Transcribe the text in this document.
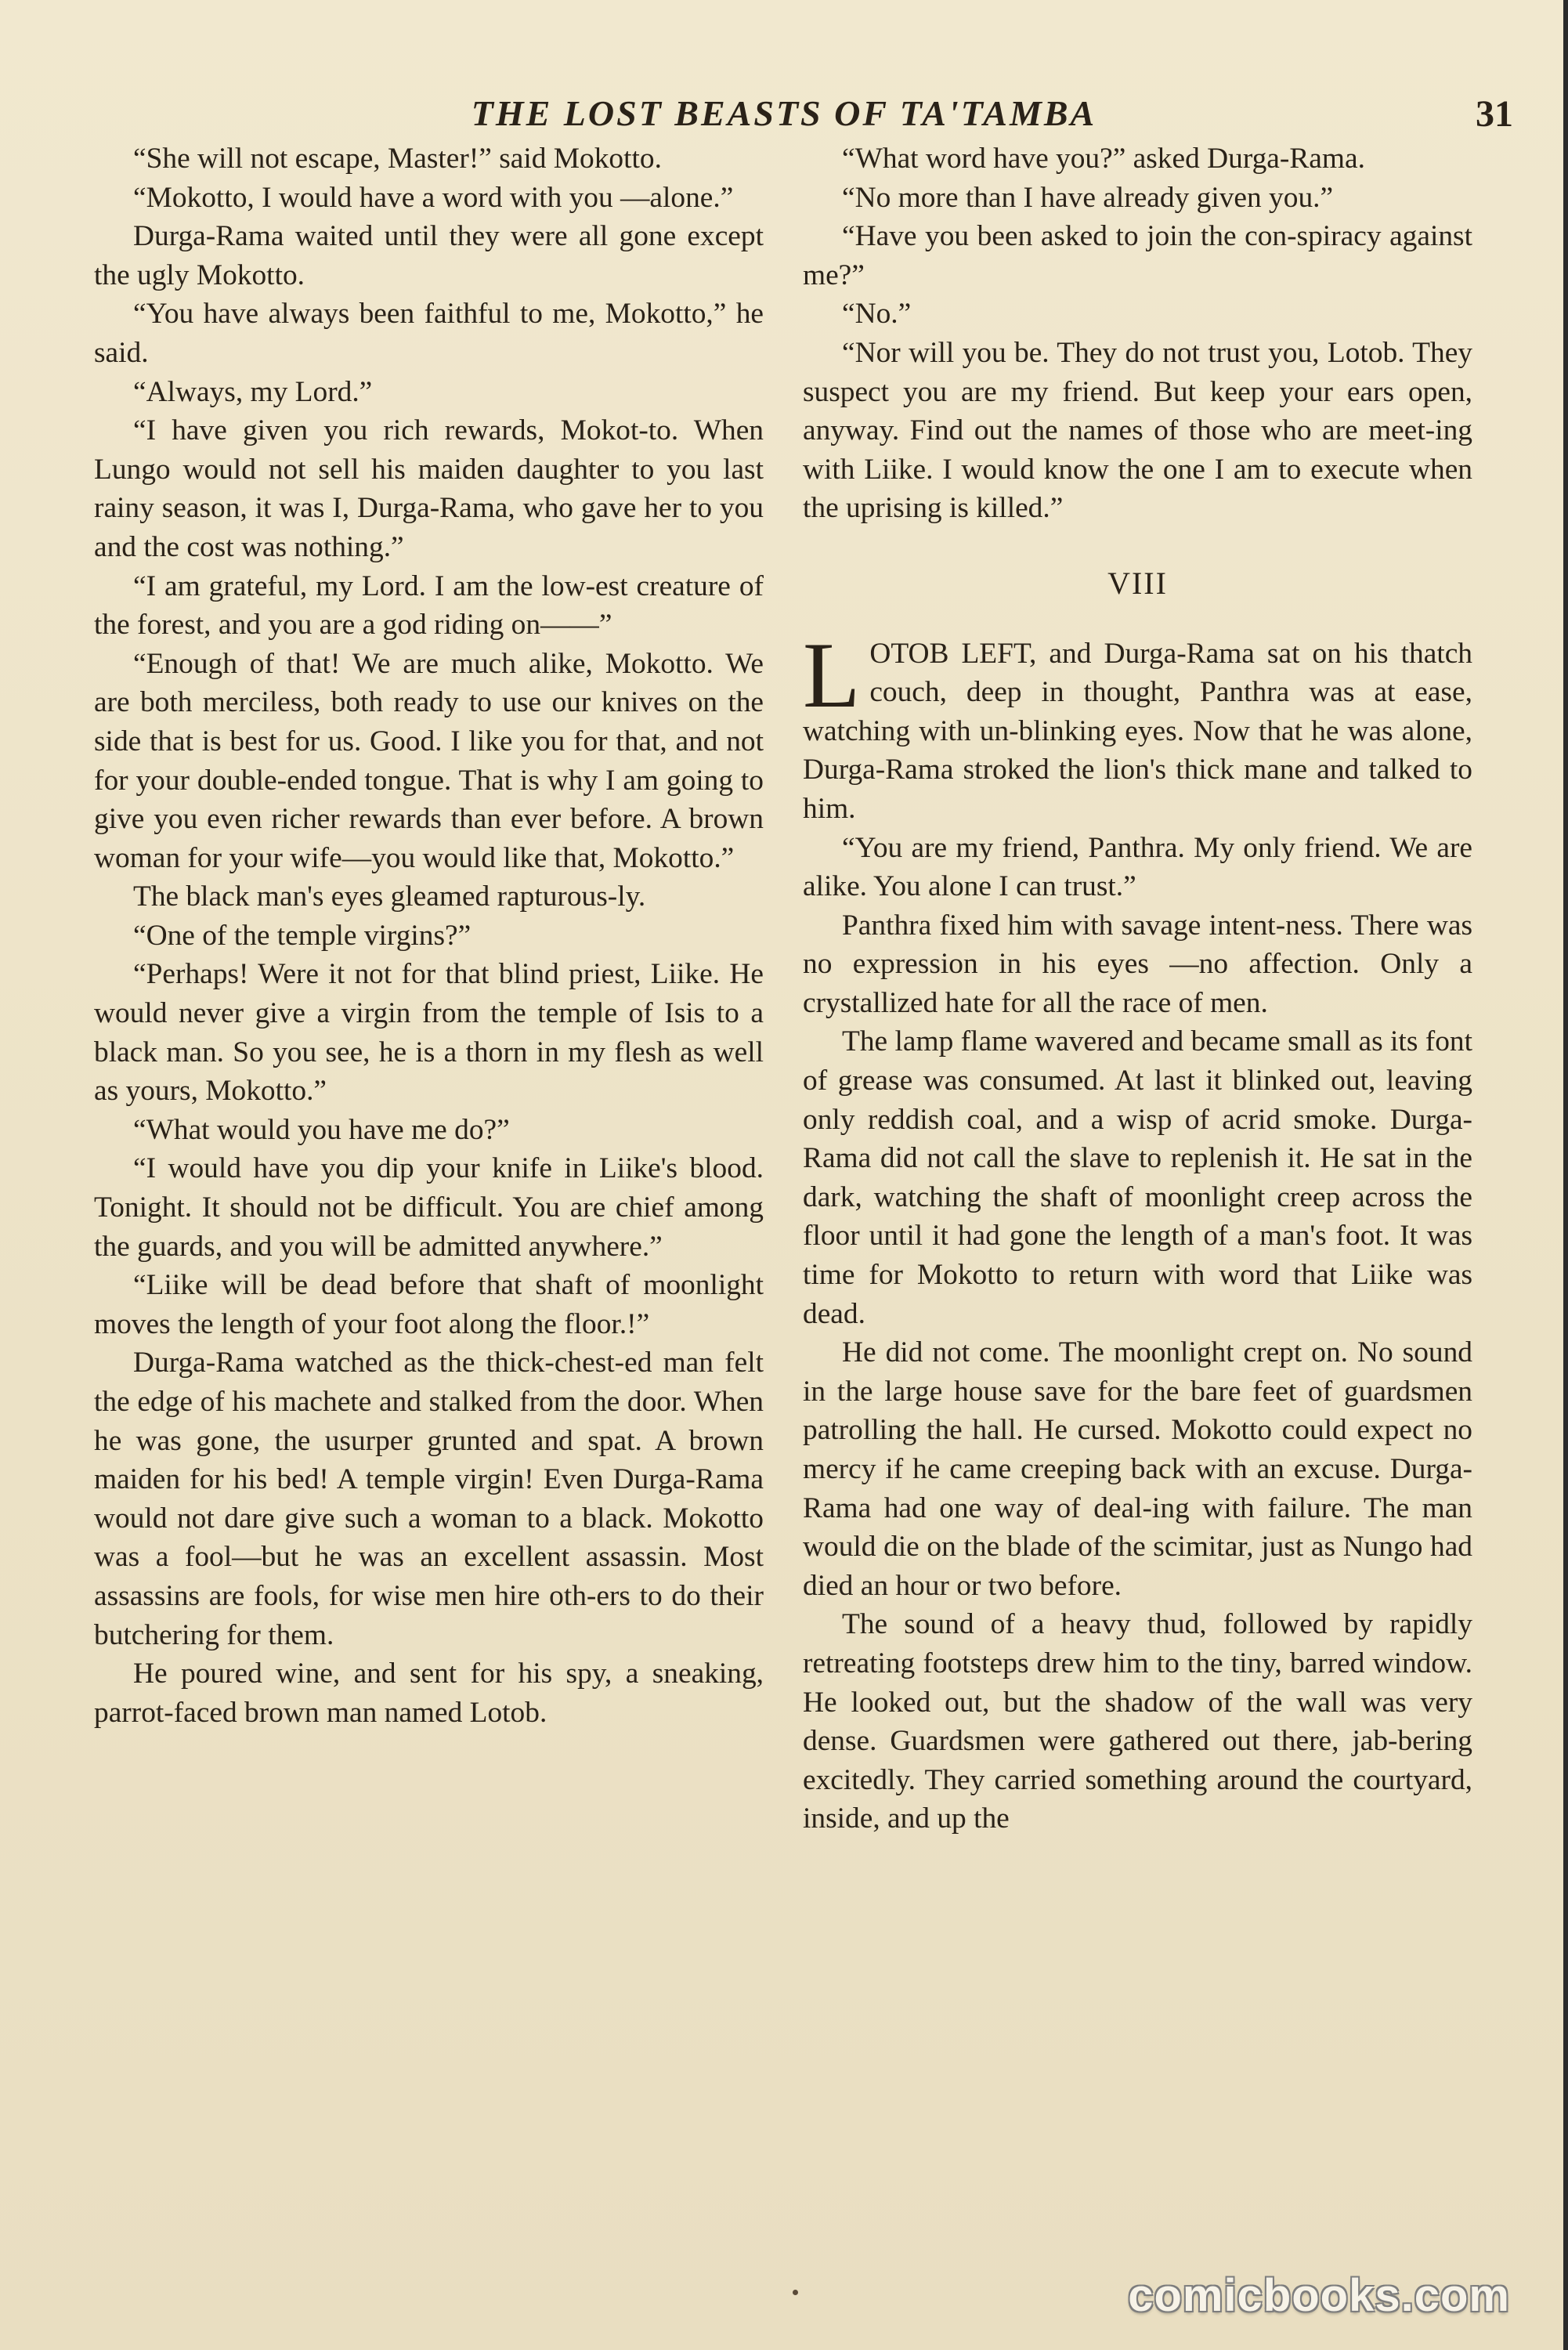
THE LOST BEASTS OF TA'TAMBA	31

“She will not escape, Master!” said Mokotto.

“Mokotto, I would have a word with you —alone.”

Durga-Rama waited until they were all gone except the ugly Mokotto.

“You have always been faithful to me, Mokotto,” he said.

“Always, my Lord.”

“I have given you rich rewards, Mokot-to. When Lungo would not sell his maiden daughter to you last rainy season, it was I, Durga-Rama, who gave her to you and the cost was nothing.”

“I am grateful, my Lord. I am the low-est creature of the forest, and you are a god riding on——”

“Enough of that! We are much alike, Mokotto. We are both merciless, both ready to use our knives on the side that is best for us. Good. I like you for that, and not for your double-ended tongue. That is why I am going to give you even richer rewards than ever before. A brown woman for your wife—you would like that, Mokotto.”

The black man's eyes gleamed rapturous-ly.

“One of the temple virgins?”

“Perhaps! Were it not for that blind priest, Liike. He would never give a virgin from the temple of Isis to a black man. So you see, he is a thorn in my flesh as well as yours, Mokotto.”

“What would you have me do?”

“I would have you dip your knife in Liike's blood. Tonight. It should not be difficult. You are chief among the guards, and you will be admitted anywhere.”

“Liike will be dead before that shaft of moonlight moves the length of your foot along the floor.!”

Durga-Rama watched as the thick-chest-ed man felt the edge of his machete and stalked from the door. When he was gone, the usurper grunted and spat. A brown maiden for his bed! A temple virgin! Even Durga-Rama would not dare give such a woman to a black. Mokotto was a fool—but he was an excellent assassin. Most assassins are fools, for wise men hire oth-ers to do their butchering for them.

He poured wine, and sent for his spy, a sneaking, parrot-faced brown man named Lotob.

“What word have you?” asked Durga-Rama.

“No more than I have already given you.”

“Have you been asked to join the con-spiracy against me?”

“No.”

“Nor will you be. They do not trust you, Lotob. They suspect you are my friend. But keep your ears open, anyway. Find out the names of those who are meet-ing with Liike. I would know the one I am to execute when the uprising is killed.”

VIII

LOTOB LEFT, and Durga-Rama sat on his thatch couch, deep in thought, Panthra was at ease, watching with un-blinking eyes. Now that he was alone, Durga-Rama stroked the lion's thick mane and talked to him.

“You are my friend, Panthra. My only friend. We are alike. You alone I can trust.”

Panthra fixed him with savage intent-ness. There was no expression in his eyes —no affection. Only a crystallized hate for all the race of men.

The lamp flame wavered and became small as its font of grease was consumed. At last it blinked out, leaving only reddish coal, and a wisp of acrid smoke. Durga-Rama did not call the slave to replenish it. He sat in the dark, watching the shaft of moonlight creep across the floor until it had gone the length of a man's foot. It was time for Mokotto to return with word that Liike was dead.

He did not come. The moonlight crept on. No sound in the large house save for the bare feet of guardsmen patrolling the hall. He cursed. Mokotto could expect no mercy if he came creeping back with an excuse. Durga-Rama had one way of deal-ing with failure. The man would die on the blade of the scimitar, just as Nungo had died an hour or two before.

The sound of a heavy thud, followed by rapidly retreating footsteps drew him to the tiny, barred window. He looked out, but the shadow of the wall was very dense. Guardsmen were gathered out there, jab-bering excitedly. They carried something around the courtyard, inside, and up the

comicbooks.com
